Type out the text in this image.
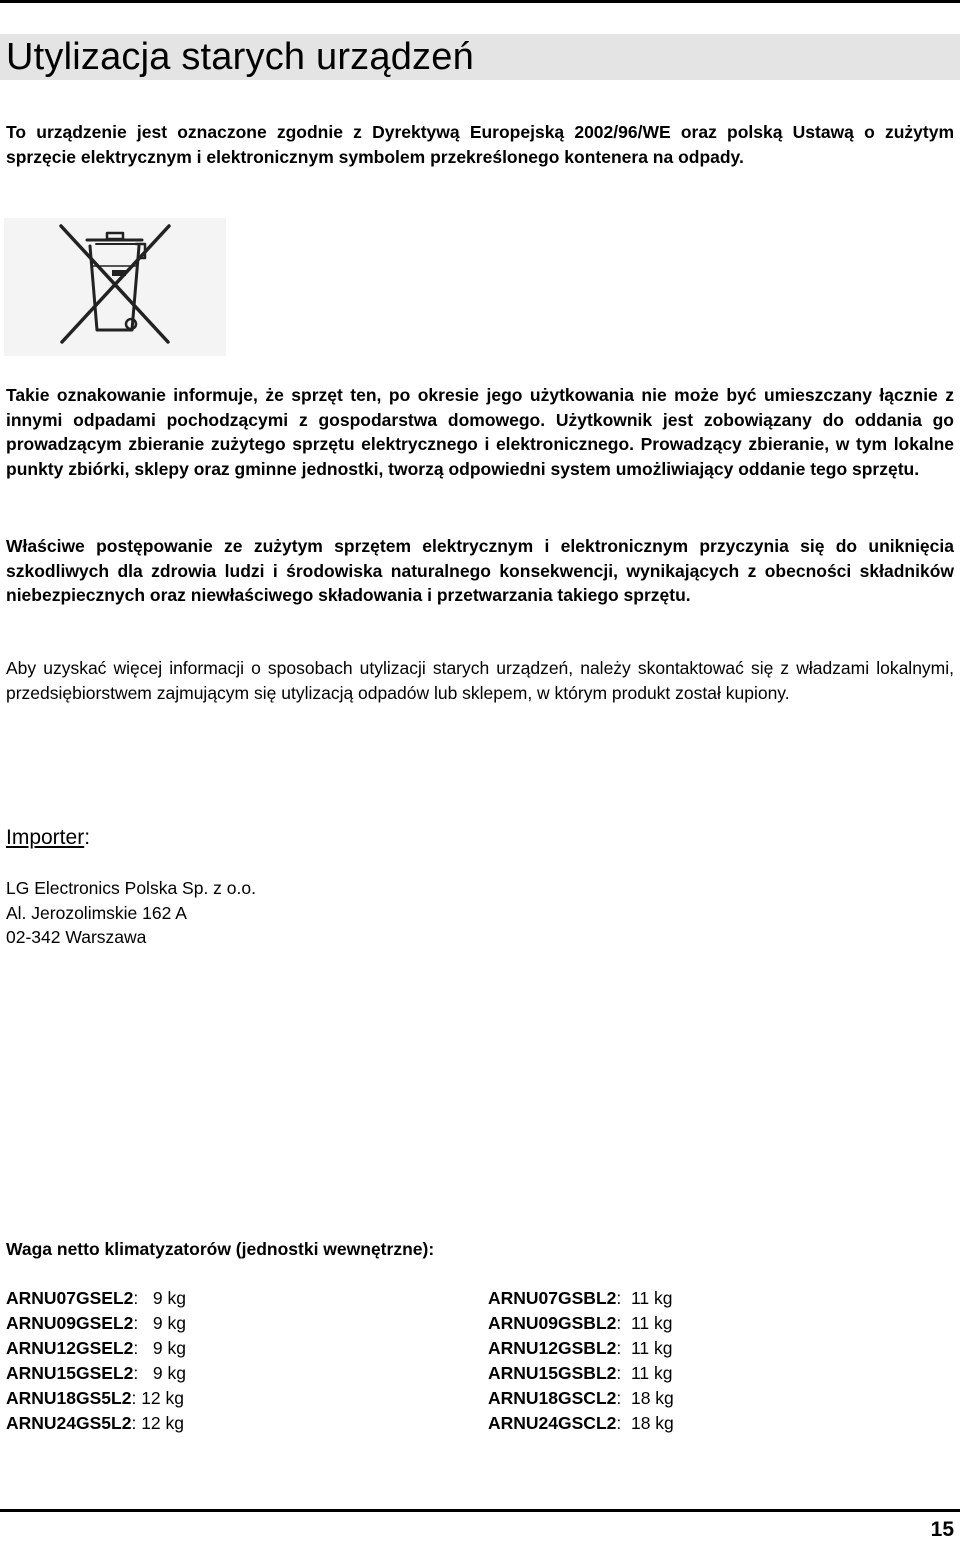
Utylizacja starych urządzeń

To urządzenie jest oznaczone zgodnie z Dyrektywą Europejską 2002/96/WE oraz polską Ustawą o zużytym sprzęcie elektrycznym i elektronicznym symbolem przekreślonego kontenera na odpady.

Takie oznakowanie informuje, że sprzęt ten, po okresie jego użytkowania nie może być umieszczany łącznie z innymi odpadami pochodzącymi z gospodarstwa domowego. Użytkownik jest zobowiązany do oddania go prowadzącym zbieranie zużytego sprzętu elektrycznego i elektronicznego. Prowadzący zbieranie, w tym lokalne punkty zbiórki, sklepy oraz gminne jednostki, tworzą odpowiedni system umożliwiający oddanie tego sprzętu.

Właściwe postępowanie ze zużytym sprzętem elektrycznym i elektronicznym przyczynia się do uniknięcia szkodliwych dla zdrowia ludzi i środowiska naturalnego konsekwencji, wynikających z obecności składników niebezpiecznych oraz niewłaściwego składowania i przetwarzania takiego sprzętu.

Aby uzyskać więcej informacji o sposobach utylizacji starych urządzeń, należy skontaktować się z władzami lokalnymi, przedsiębiorstwem zajmującym się utylizacją odpadów lub sklepem, w którym produkt został kupiony.

Importer:
LG Electronics Polska Sp. z o.o.
Al. Jerozolimskie 162 A
02-342 Warszawa
Waga netto klimatyzatorów (jednostki wewnętrzne):
ARNU07GSEL2 :   9 kg
ARNU09GSEL2 :   9 kg
ARNU12GSEL2 :   9 kg
ARNU15GSEL2 :   9 kg
ARNU18GS5L2 : 12 kg
ARNU24GS5L2 : 12 kg
ARNU07GSBL2 :  11 kg
ARNU09GSBL2 :  11 kg
ARNU12GSBL2 :  11 kg
ARNU15GSBL2 :  11 kg
ARNU18GSCL2 :  18 kg
ARNU24GSCL2 :  18 kg
15
